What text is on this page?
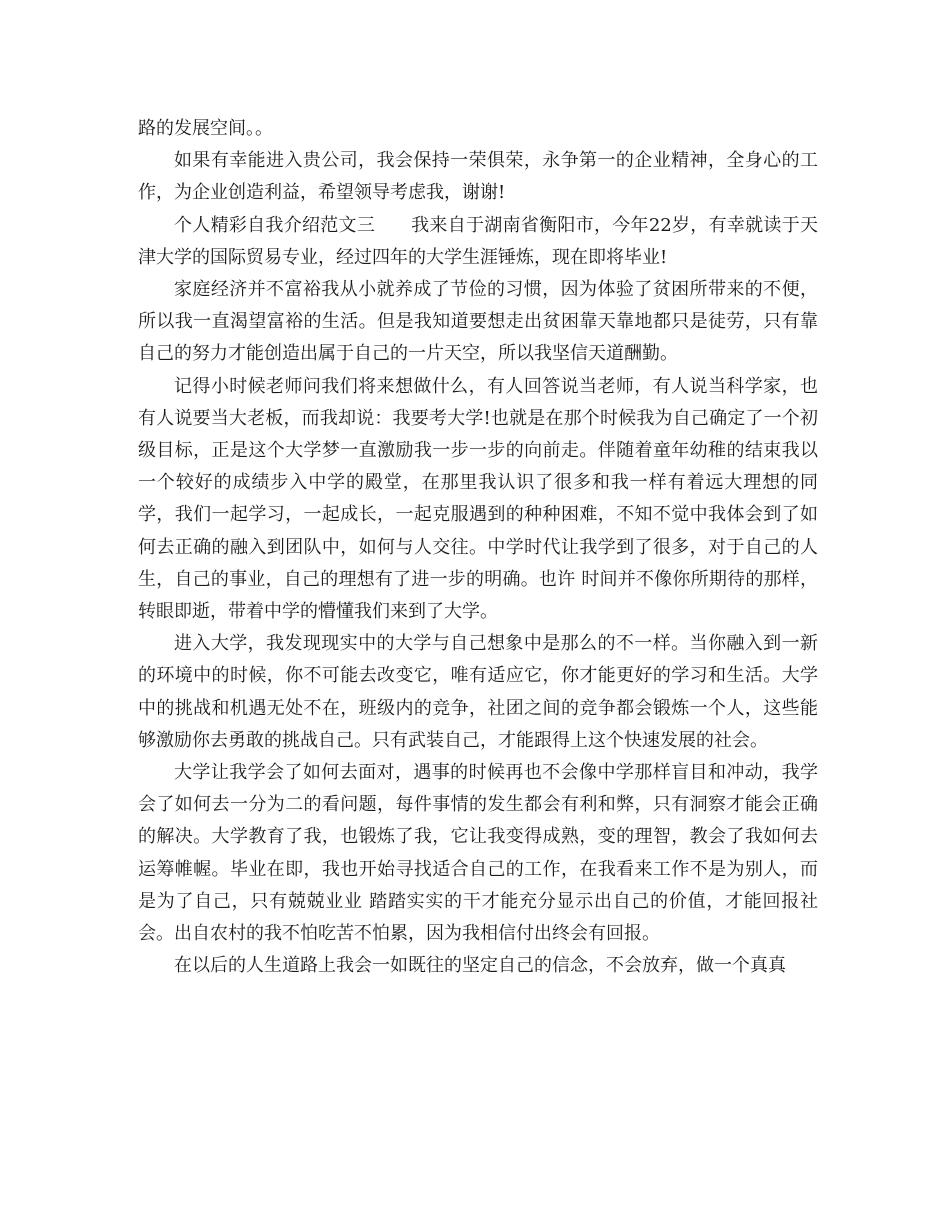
路的发展空间。。

如果有幸能进入贵公司，我会保持一荣俱荣，永争第一的企业精神，全身心的工作，为企业创造利益，希望领导考虑我，谢谢!

个人精彩自我介绍范文三 我来自于湖南省衡阳市，今年22岁，有幸就读于天津大学的国际贸易专业，经过四年的大学生涯锤炼，现在即将毕业!

家庭经济并不富裕我从小就养成了节俭的习惯，因为体验了贫困所带来的不便，所以我一直渴望富裕的生活。但是我知道要想走出贫困靠天靠地都只是徒劳，只有靠自己的努力才能创造出属于自己的一片天空，所以我坚信天道酬勤。

记得小时候老师问我们将来想做什么，有人回答说当老师，有人说当科学家，也有人说要当大老板，而我却说：我要考大学!也就是在那个时候我为自己确定了一个初级目标，正是这个大学梦一直激励我一步一步的向前走。伴随着童年幼稚的结束我以一个较好的成绩步入中学的殿堂，在那里我认识了很多和我一样有着远大理想的同学，我们一起学习，一起成长，一起克服遇到的种种困难，不知不觉中我体会到了如何去正确的融入到团队中，如何与人交往。中学时代让我学到了很多，对于自己的人生，自己的事业，自己的理想有了进一步的明确。也许 时间并不像你所期待的那样，转眼即逝，带着中学的懵懂我们来到了大学。

进入大学，我发现现实中的大学与自己想象中是那么的不一样。当你融入到一新的环境中的时候，你不可能去改变它，唯有适应它，你才能更好的学习和生活。大学中的挑战和机遇无处不在，班级内的竞争，社团之间的竞争都会锻炼一个人，这些能够激励你去勇敢的挑战自己。只有武装自己，才能跟得上这个快速发展的社会。

大学让我学会了如何去面对，遇事的时候再也不会像中学那样盲目和冲动，我学会了如何去一分为二的看问题，每件事情的发生都会有利和弊，只有洞察才能会正确的解决。大学教育了我，也锻炼了我，它让我变得成熟，变的理智，教会了我如何去运筹帷幄。毕业在即，我也开始寻找适合自己的工作，在我看来工作不是为别人，而是为了自己，只有兢兢业业 踏踏实实的干才能充分显示出自己的价值，才能回报社会。出自农村的我不怕吃苦不怕累，因为我相信付出终会有回报。

在以后的人生道路上我会一如既往的坚定自己的信念，不会放弃，做一个真真
